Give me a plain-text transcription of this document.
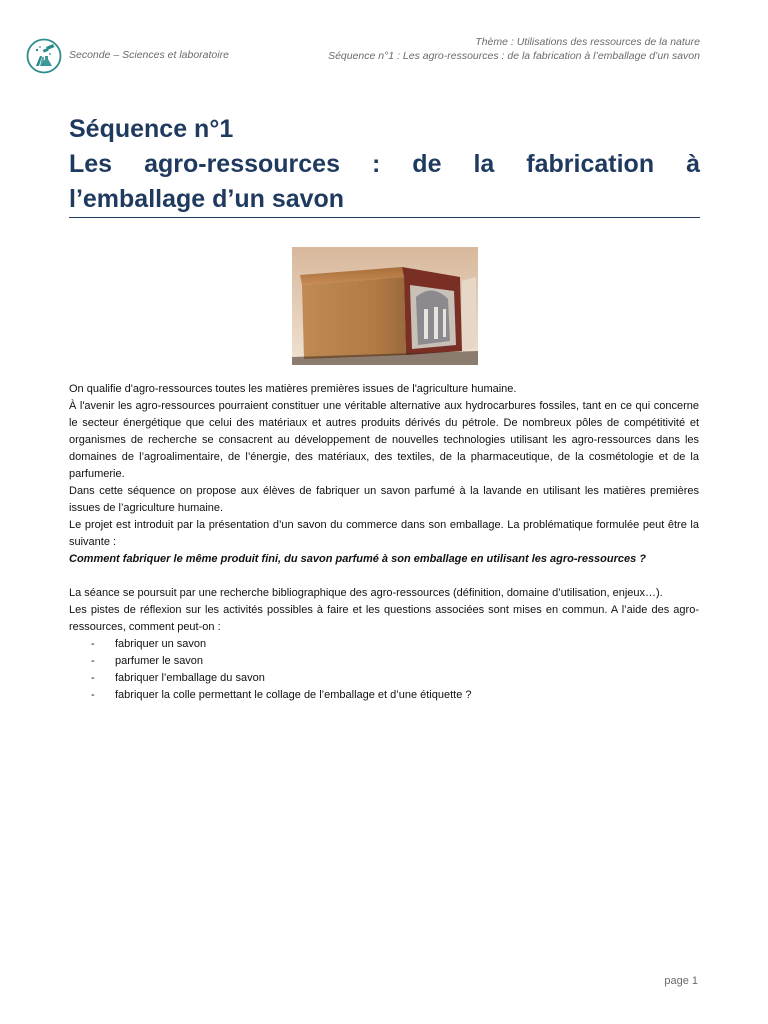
Seconde – Sciences et laboratoire
Thème : Utilisations des ressources de la nature
Séquence n°1 : Les agro-ressources : de la fabrication à l’emballage d’un savon
Séquence n°1
Les agro-ressources : de la fabrication à
l’emballage d’un savon

On qualifie d'agro-ressources toutes les matières premières issues de l'agriculture humaine.

À l'avenir les agro-ressources pourraient constituer une véritable alternative aux hydrocarbures fossiles, tant en ce qui concerne le secteur énergétique que celui des matériaux et autres produits dérivés du pétrole. De nombreux pôles de compétitivité et organismes de recherche se consacrent au développement de nouvelles technologies utilisant les agro-ressources dans les domaines de l’agroalimentaire, de l’énergie, des matériaux, des textiles, de la pharmaceutique, de la cosmétologie et de la parfumerie.

Dans cette séquence on propose aux élèves de fabriquer un savon parfumé à la lavande en utilisant les matières premières issues de l’agriculture humaine.

Le projet est introduit par la présentation d’un savon du commerce dans son emballage. La problématique formulée peut être la suivante :

Comment fabriquer le même produit fini, du savon parfumé à son emballage en utilisant les agro-ressources ?

La séance se poursuit par une recherche bibliographique des agro-ressources (définition, domaine d’utilisation, enjeux…).

Les pistes de réflexion sur les activités possibles à faire et les questions associées sont mises en commun. A l’aide des agro-ressources, comment peut-on :

- fabriquer un savon
- parfumer le savon
- fabriquer l’emballage du savon
- fabriquer la colle permettant le collage de l’emballage et d’une étiquette ?
page 1
